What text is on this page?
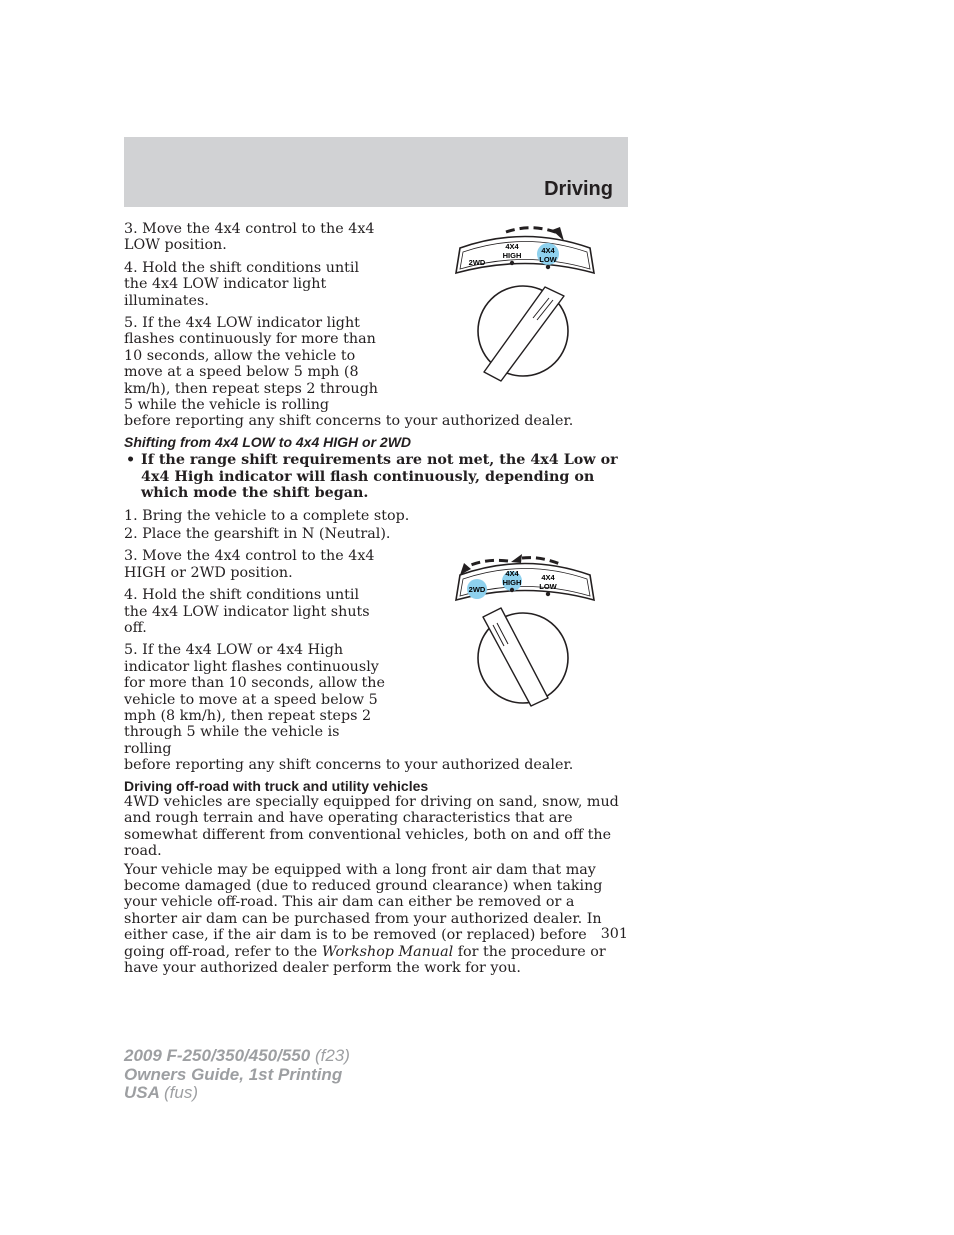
Driving

3. Move the 4x4 control to the 4x4 LOW position.

4. Hold the shift conditions until the 4x4 LOW indicator light illuminates.

5. If the 4x4 LOW indicator light flashes continuously for more than 10 seconds, allow the vehicle to move at a speed below 5 mph (8 km/h), then repeat steps 2 through 5 while the vehicle is rolling

before reporting any shift concerns to your authorized dealer.

2WD
4X4
HIGH
4X4
LOW

Shifting from 4x4 LOW to 4x4 HIGH or 2WD

• If the range shift requirements are not met, the 4x4 Low or 4x4 High indicator will flash continuously, depending on which mode the shift began.

1. Bring the vehicle to a complete stop.

2. Place the gearshift in N (Neutral).

3. Move the 4x4 control to the 4x4 HIGH or 2WD position.

4. Hold the shift conditions until the 4x4 LOW indicator light shuts off.

5. If the 4x4 LOW or 4x4 High indicator light flashes continuously for more than 10 seconds, allow the vehicle to move at a speed below 5 mph (8 km/h), then repeat steps 2 through 5 while the vehicle is rolling

before reporting any shift concerns to your authorized dealer.

2WD
4X4
HIGH
4X4
LOW

Driving off-road with truck and utility vehicles

4WD vehicles are specially equipped for driving on sand, snow, mud and rough terrain and have operating characteristics that are somewhat different from conventional vehicles, both on and off the road.

Your vehicle may be equipped with a long front air dam that may become damaged (due to reduced ground clearance) when taking your vehicle off-road. This air dam can either be removed or a shorter air dam can be purchased from your authorized dealer. In either case, if the air dam is to be removed (or replaced) before going off-road, refer to the Workshop Manual for the procedure or have your authorized dealer perform the work for you.

301
2009 F-250/350/450/550 (f23)
Owners Guide, 1st Printing
USA (fus)
